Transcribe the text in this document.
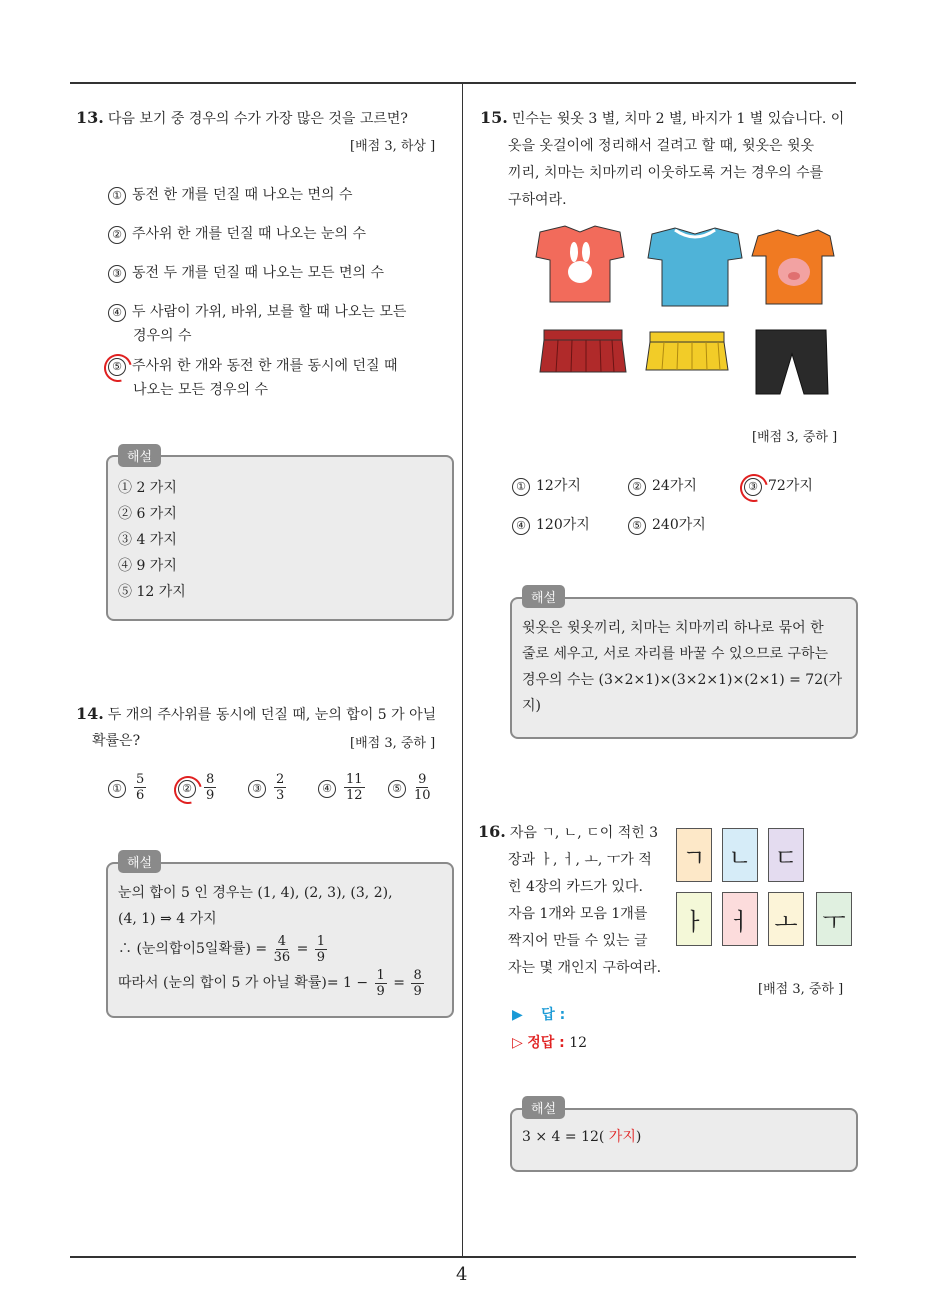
4
13. 다음 보기 중 경우의 수가 가장 많은 것을 고르면?
[배점 3, 하상 ]
① 동전 한 개를 던질 때 나오는 면의 수
② 주사위 한 개를 던질 때 나오는 눈의 수
③ 동전 두 개를 던질 때 나오는 모든 면의 수
④ 두 사람이 가위, 바위, 보를 할 때 나오는 모든
경우의 수
⑤ 주사위 한 개와 동전 한 개를 동시에 던질 때
나오는 모든 경우의 수
① 2 가지
② 6 가지
③ 4 가지
④ 9 가지
⑤ 12 가지
해설
14. 두 개의 주사위를 동시에 던질 때, 눈의 합이 5 가 아닐
확률은?	[배점 3, 중하 ]
① $\frac{5}{6}$	② $\frac{8}{9}$	③ $\frac{2}{3}$	④ $\frac{11}{12}$	⑤ $\frac{9}{10}$
눈의 합이 5 인 경우는 (1, 4), (2, 3), (3, 2),
(4, 1) ⇒ 4 가지
∴ (눈의합이5일확률) = $\frac{4}{36} = \frac{1}{9}$
따라서 (눈의 합이 5 가 아닐 확률)= $1 - \frac{1}{9} = \frac{8}{9}$
해설
15. 민수는 윗옷 3 별, 치마 2 별, 바지가 1 별 있습니다. 이
옷을 옷걸이에 정리해서 걸려고 할 때, 윗옷은 윗옷
끼리, 치마는 치마끼리 이웃하도록 거는 경우의 수를
구하여라.
[배점 3, 중하 ]
① 12가지	② 24가지	③ 72가지
④ 120가지	⑤ 240가지
윗옷은 윗옷끼리, 치마는 치마끼리 하나로 묶어 한
줄로 세우고, 서로 자리를 바꿀 수 있으므로 구하는
경우의 수는 (3×2×1)×(3×2×1)×(2×1) = 72(가
지)
해설
16. 자음 ㄱ, ㄴ, ㄷ이 적힌 3
장과 ㅏ, ㅓ, ㅗ, ㅜ가 적
힌 4장의 카드가 있다.
자음 1개와 모음 1개를
짝지어 만들 수 있는 글
자는 몇 개인지 구하여라.
ㄱ ㄴ ㄷ
ㅏ ㅓ ㅗ ㅜ
[배점 3, 중하 ]
▶ 답 :
▷ 정답 : 12
3 × 4 = 12( 가지)
해설
